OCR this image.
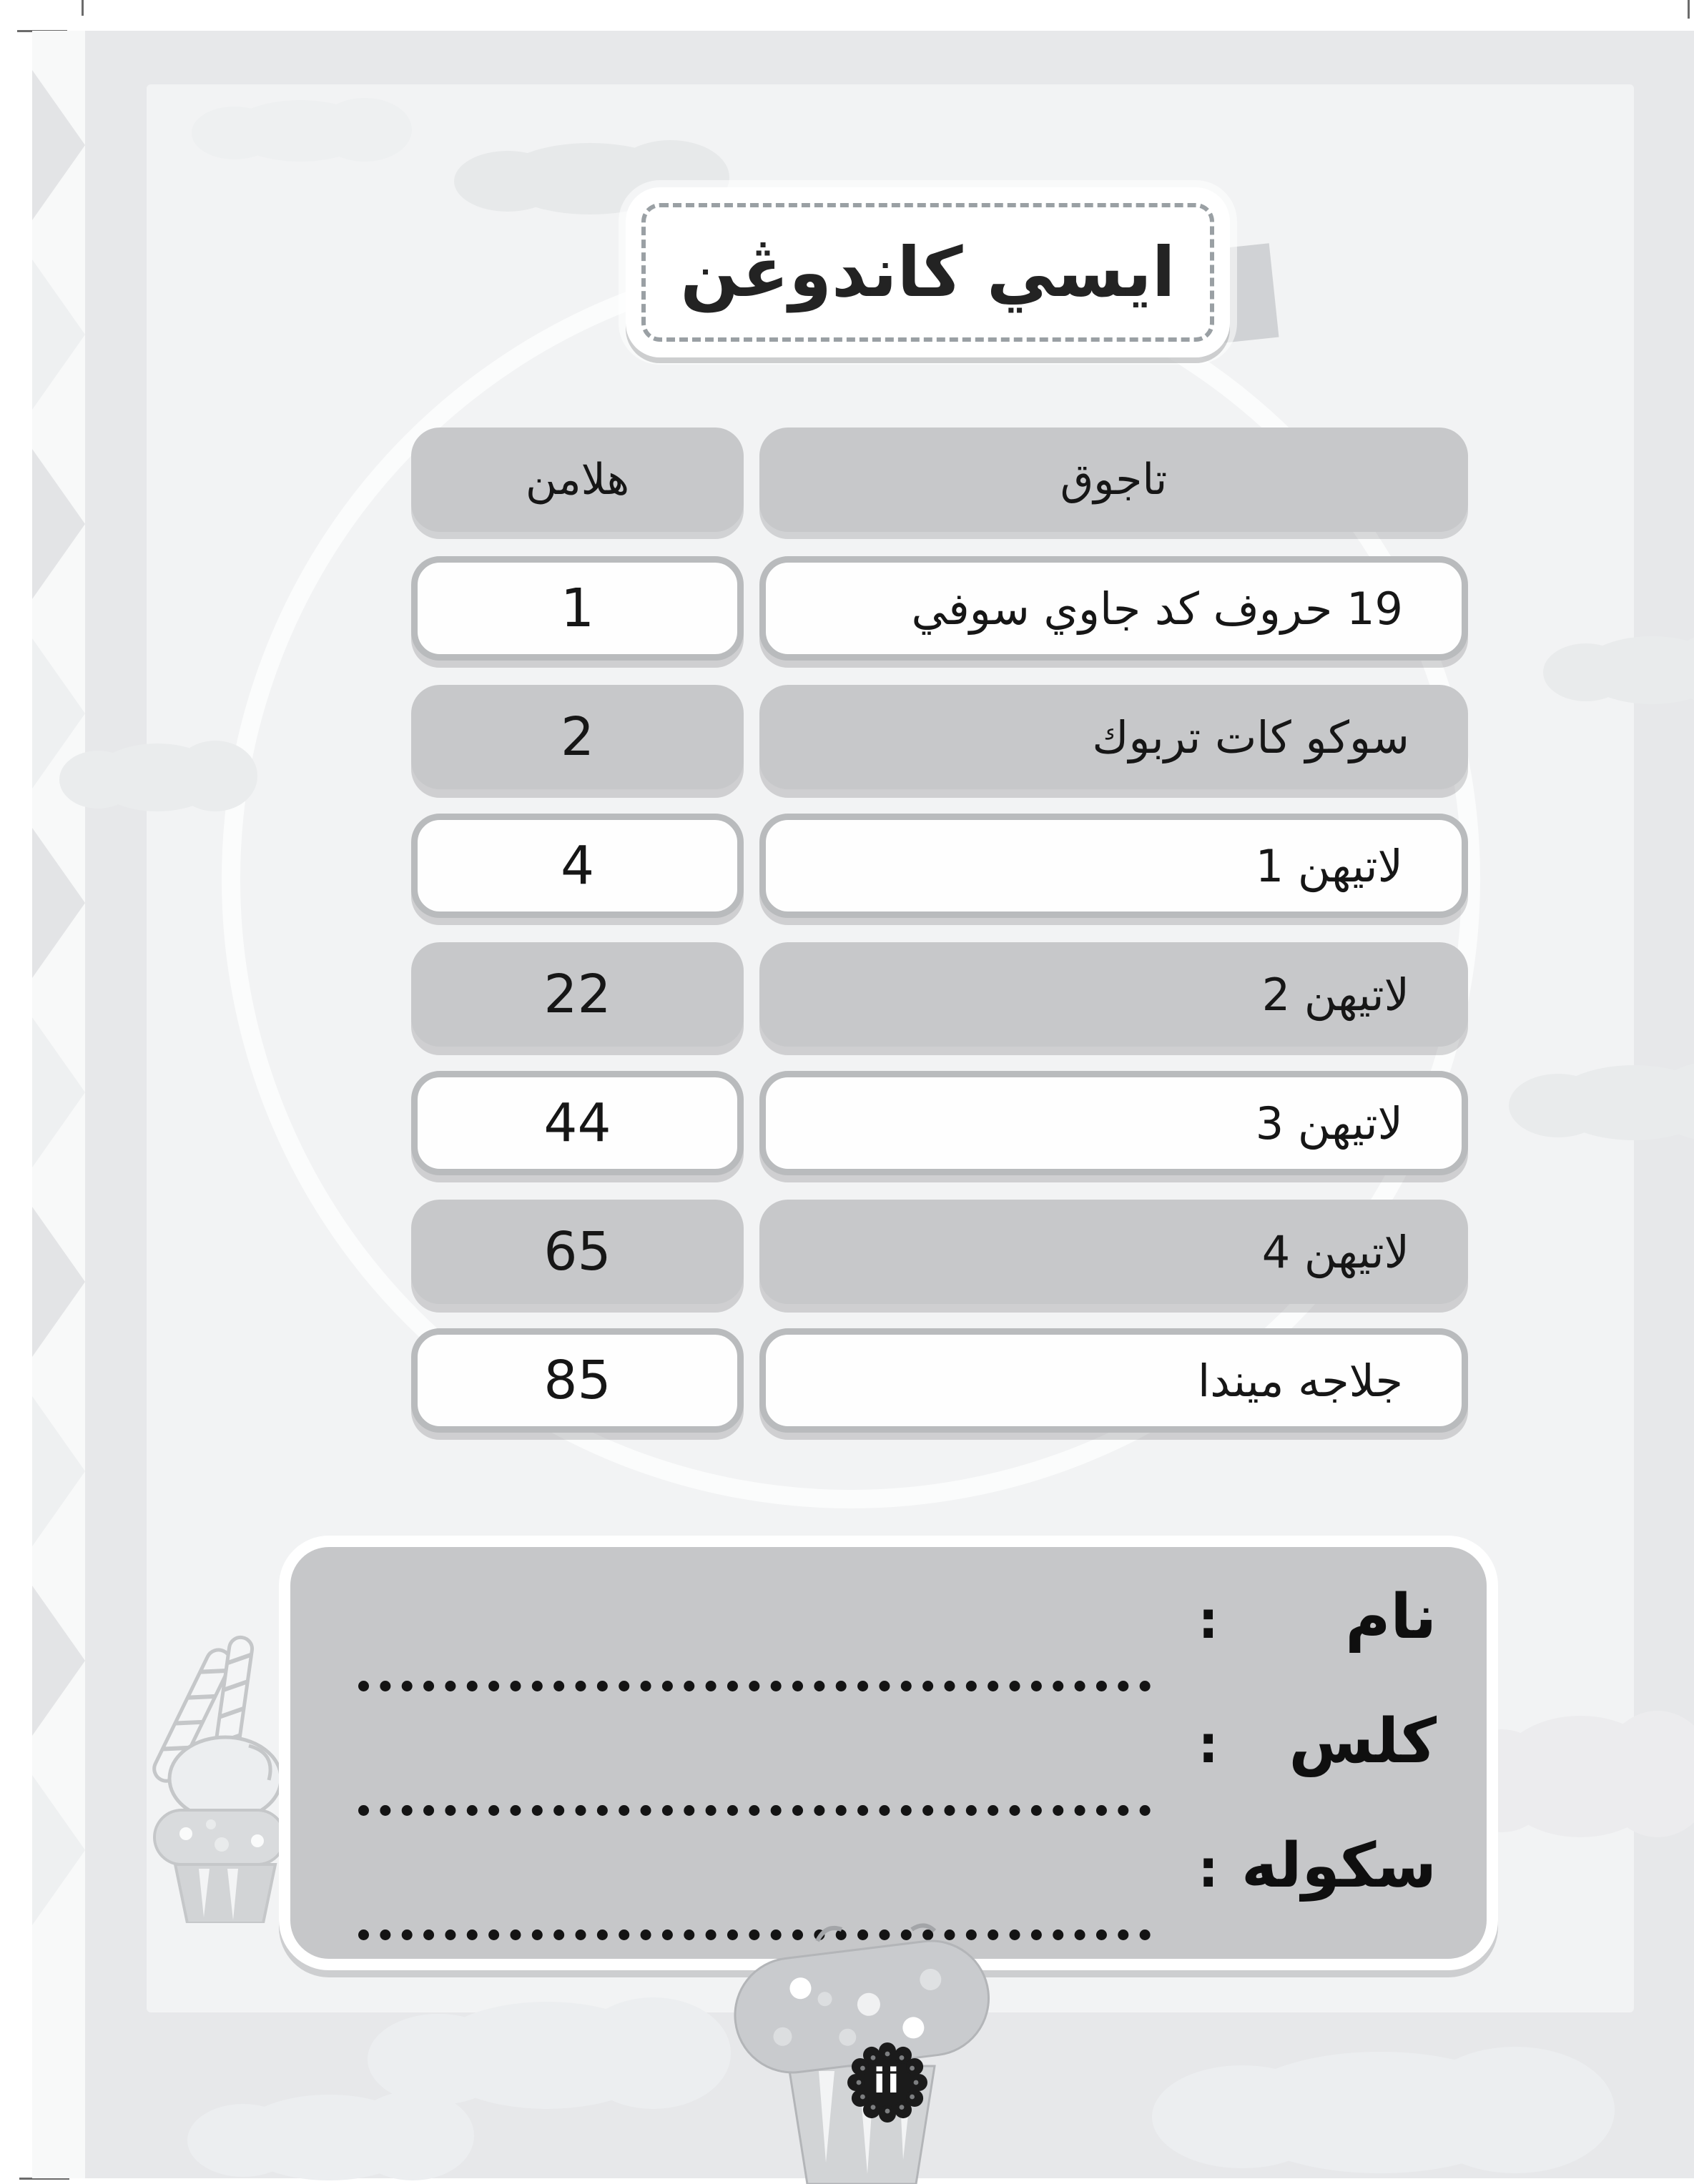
ايسي كاندوڠن
هلامن	تاجوق
1	19 حروف كد جاوي سوفي
2	سوكو كات تربوك
4	لاتيهن 1
22	لاتيهن 2
44	لاتيهن 3
65	لاتيهن 4
85	جلاجه ميندا
نام
:
كلس
:
سكوله
:
ii
